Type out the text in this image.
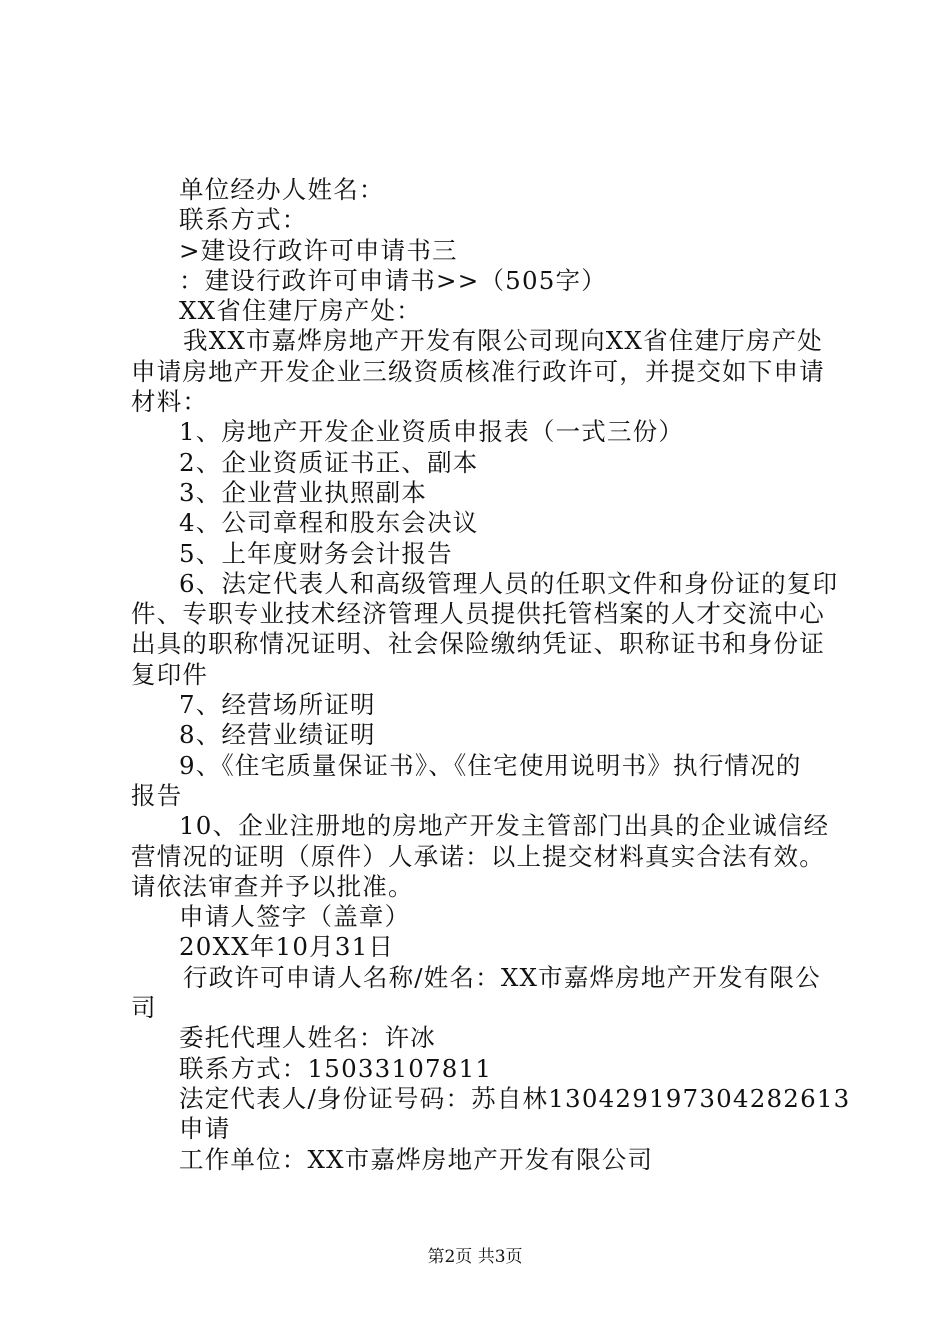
单位经办人姓名：
联系方式：
>建设行政许可申请书三
：建设行政许可申请书>>（505字）
XX省住建厅房产处：
我XX市嘉烨房地产开发有限公司现向XX省住建厅房产处
申请房地产开发企业三级资质核准行政许可，并提交如下申请
材料：
1、房地产开发企业资质申报表（一式三份）
2、企业资质证书正、副本
3、企业营业执照副本
4、公司章程和股东会决议
5、上年度财务会计报告
6、法定代表人和高级管理人员的任职文件和身份证的复印
件、专职专业技术经济管理人员提供托管档案的人才交流中心
出具的职称情况证明、社会保险缴纳凭证、职称证书和身份证
复印件
7、经营场所证明
8、经营业绩证明
9、《住宅质量保证书》、《住宅使用说明书》执行情况的
报告
10、企业注册地的房地产开发主管部门出具的企业诚信经
营情况的证明（原件）人承诺：以上提交材料真实合法有效。
请依法审查并予以批准。
申请人签字（盖章）
20XX年10月31日
行政许可申请人名称/姓名：XX市嘉烨房地产开发有限公
司
委托代理人姓名：许冰
联系方式：15033107811
法定代表人/身份证号码：苏自林130429197304282613
申请
工作单位：XX市嘉烨房地产开发有限公司
第2页 共3页
